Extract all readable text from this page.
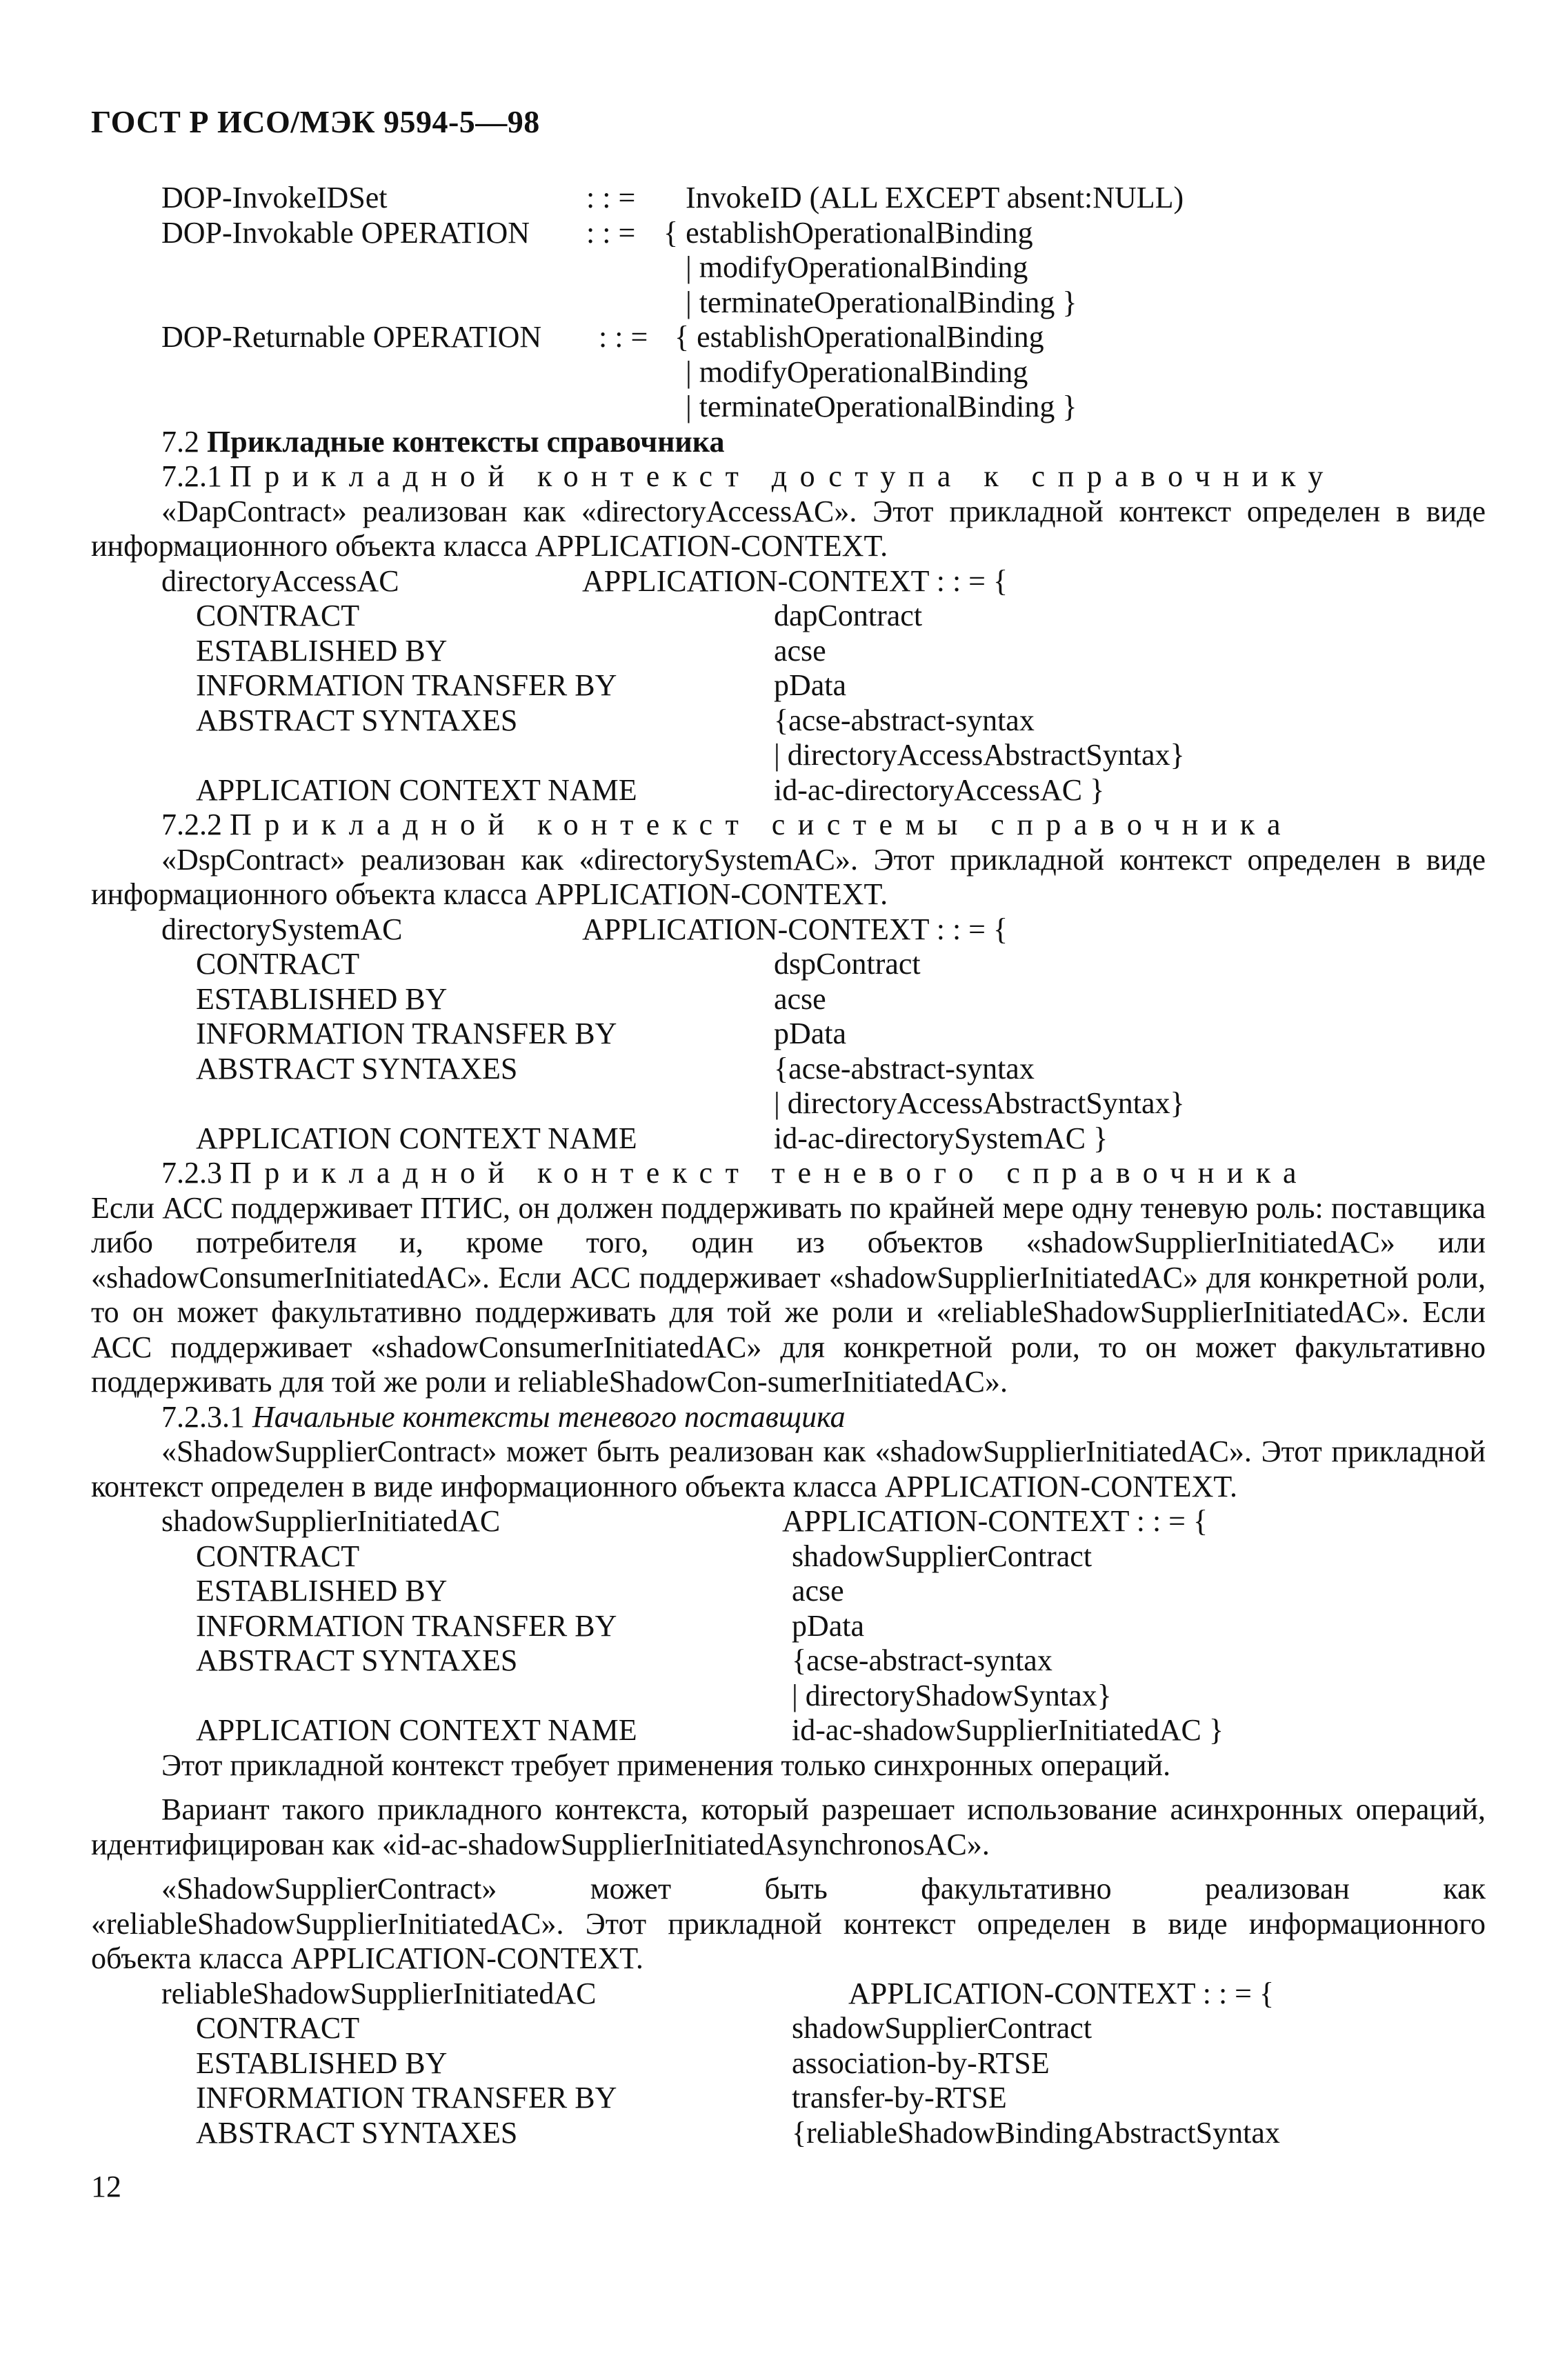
ГОСТ Р ИСО/МЭК 9594-5—98
DOP-InvokeIDSet	: : = InvokeID (ALL EXCEPT absent:NULL)
DOP-Invokable OPERATION : : = { establishOperationalBinding
| modifyOperationalBinding
| terminateOperationalBinding }
DOP-Returnable OPERATION : : = { establishOperationalBinding
| modifyOperationalBinding
| terminateOperationalBinding }
7.2 Прикладные контексты справочника
7.2.1 Прикладной контекст доступа к справочнику

«DapContract» реализован как «directoryAccessAC». Этот прикладной контекст определен в виде информационного объекта класса APPLICATION-CONTEXT.

directoryAccessAC	APPLICATION-CONTEXT : : = {
CONTRACT	dapContract
ESTABLISHED BY	acse
INFORMATION TRANSFER BY	pData
ABSTRACT SYNTAXES	{acse-abstract-syntax
| directoryAccessAbstractSyntax}
APPLICATION CONTEXT NAME	id-ac-directoryAccessAC }
7.2.2 Прикладной контекст системы справочника

«DspContract» реализован как «directorySystemAC». Этот прикладной контекст определен в виде информационного объекта класса APPLICATION-CONTEXT.

directorySystemAC	APPLICATION-CONTEXT : : = {
CONTRACT	dspContract
ESTABLISHED BY	acse
INFORMATION TRANSFER BY	pData
ABSTRACT SYNTAXES	{acse-abstract-syntax
| directoryAccessAbstractSyntax}
APPLICATION CONTEXT NAME	id-ac-directorySystemAC }
7.2.3 Прикладной контекст теневого справочника

Если АСС поддерживает ПТИС, он должен поддерживать по крайней мере одну теневую роль: поставщика либо потребителя и, кроме того, один из объектов «shadowSupplierInitiatedAC» или «shadowConsumerInitiatedAC». Если АСС поддерживает «shadowSupplierInitiatedAC» для конкретной роли, то он может факультативно поддерживать для той же роли и «reliableShadowSupplierInitiatedAC». Если АСС поддерживает «shadowConsumerInitiatedAC» для конкретной роли, то он может факультативно поддерживать для той же роли и reliableShadowCon-sumerInitiatedAC».

7.2.3.1 Начальные контексты теневого поставщика

«ShadowSupplierContract» может быть реализован как «shadowSupplierInitiatedAC». Этот прикладной контекст определен в виде информационного объекта класса APPLICATION-CONTEXT.

shadowSupplierInitiatedAC	APPLICATION-CONTEXT : : = {
CONTRACT	shadowSupplierContract
ESTABLISHED BY	acse
INFORMATION TRANSFER BY	pData
ABSTRACT SYNTAXES	{acse-abstract-syntax
| directoryShadowSyntax}
APPLICATION CONTEXT NAME	id-ac-shadowSupplierInitiatedAC }

Этот прикладной контекст требует применения только синхронных операций.

Вариант такого прикладного контекста, который разрешает использование асинхронных операций, идентифицирован как «id-ac-shadowSupplierInitiatedAsynchronosAC».

«ShadowSupplierContract» может быть факультативно реализован как «reliableShadowSupplierInitiatedAC». Этот прикладной контекст определен в виде информационного объекта класса APPLICATION-CONTEXT.

reliableShadowSupplierInitiatedAC	APPLICATION-CONTEXT : : = {
CONTRACT	shadowSupplierContract
ESTABLISHED BY	association-by-RTSE
INFORMATION TRANSFER BY	transfer-by-RTSE
ABSTRACT SYNTAXES	{reliableShadowBindingAbstractSyntax
12
